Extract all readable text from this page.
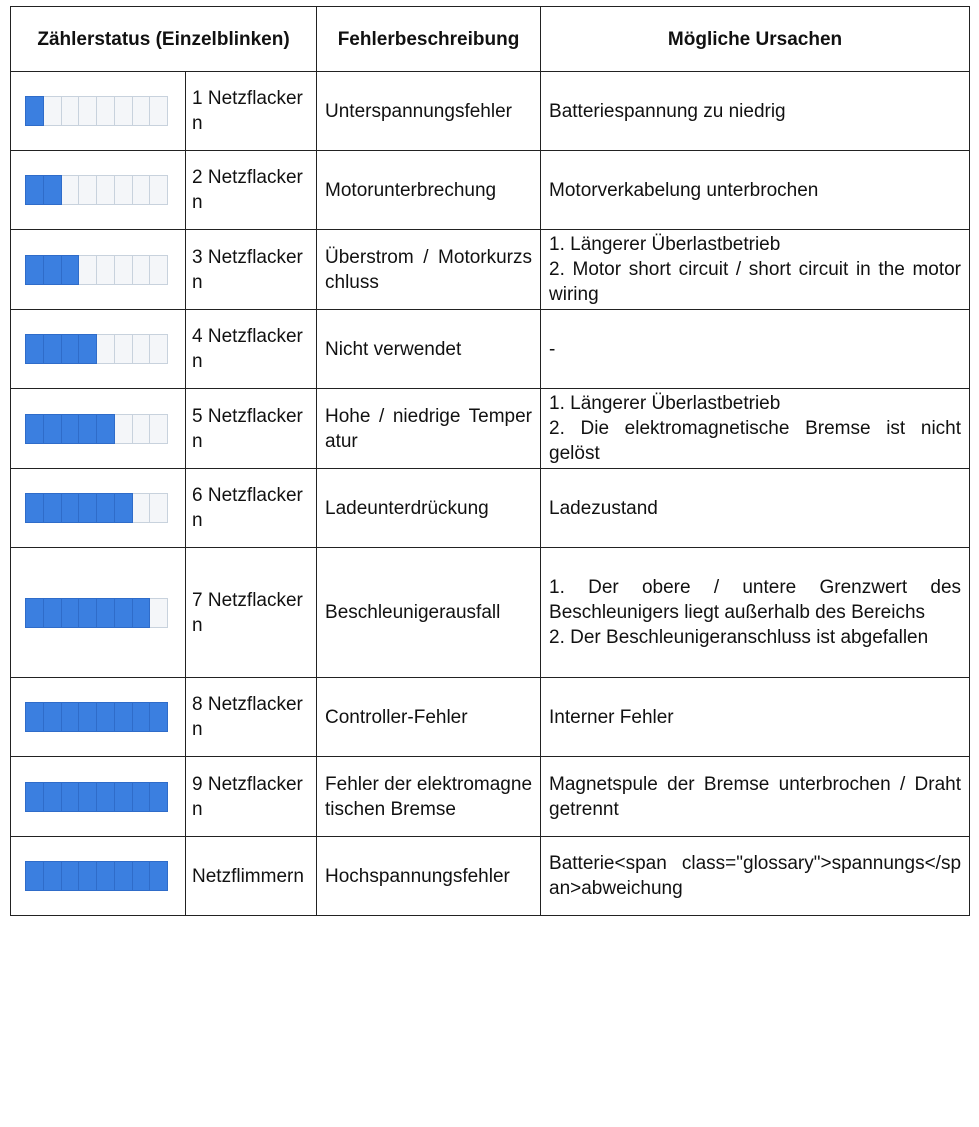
Zählerstatus (Einzelblinken)		Fehlerbeschreibung	Mögliche Ursachen

	1 Netzflackern	Unterspannungsfehler	Batteriespannung zu niedrig

	2 Netzflackern	Motorunterbrechung	Motorverkabelung unterbrochen

	3 Netzflackern	Überstrom / Motorkurzschluss	1. Längerer Überlastbetrieb
2. Motor short circuit / short circuit in the motor wiring

	4 Netzflackern	Nicht verwendet	-

	5 Netzflackern	Hohe / niedrige Temperatur	1. Längerer Überlastbetrieb
2. Die elektromagnetische Bremse ist nicht gelöst

	6 Netzflackern	Ladeunterdrückung	Ladezustand

	7 Netzflackern	Beschleunigerausfall	1. Der obere / untere Grenzwert des Beschleunigers liegt außerhalb des Bereichs
2. Der Beschleunigeranschluss ist abgefallen

	8 Netzflackern	Controller-Fehler	Interner Fehler

	9 Netzflackern	Fehler der elektromagnetischen Bremse	Magnetspule der Bremse unterbrochen / Draht getrennt

	Netzflimmern	Hochspannungsfehler	Batterie<span class="glossary">spannungs</span>abweichung
